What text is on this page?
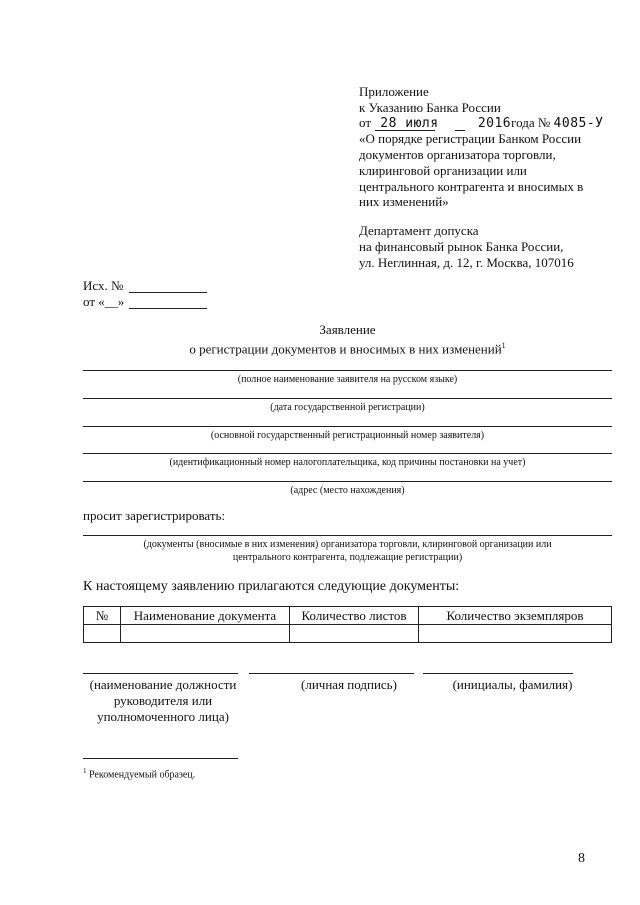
Приложение
к Указанию Банка России
от 28 июля	2016года № 4085-У
«О порядке регистрации Банком России
документов организатора торговли,
клиринговой организации или
центрального контрагента и вносимых в
них изменений»
Департамент допуска
на финансовый рынок Банка России,
ул. Неглинная, д. 12, г. Москва, 107016
Исх. №
от «__»
Заявление
о регистрации документов и вносимых в них изменений$^1$
(полное наименование заявителя на русском языке)
(дата государственной регистрации)
(основной государственный регистрационный номер заявителя)
(идентификационный номер налогоплательщика, код причины постановки на учет)
(адрес (место нахождения)
просит зарегистрировать:
(документы (вносимые в них изменения) организатора торговли, клиринговой организации или
центрального контрагента, подлежащие регистрации)
К настоящему заявлению прилагаются следующие документы:
№	Наименование документа	Количество листов	Количество экземпляров

(наименование должности
руководителя или
уполномоченного лица)
(личная подпись)	(инициалы, фамилия)
$^1$ Рекомендуемый образец.
8
